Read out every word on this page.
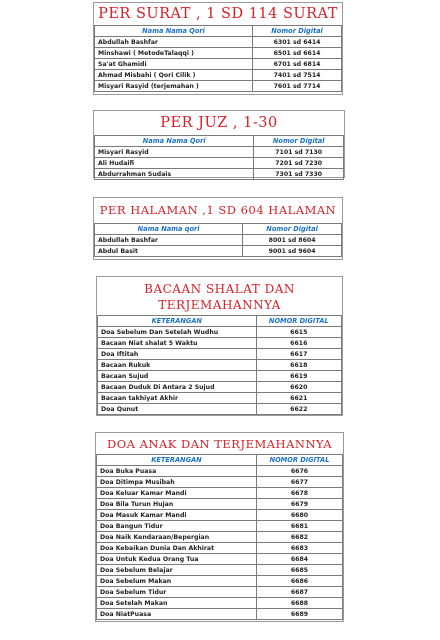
PER SURAT , 1 SD 114 SURAT
Nama Nama Qori	Nomor Digital
Abdullah Bashfar	6301 sd 6414
Minshawi ( MetodeTalaqqi )	6501 sd 6614
Sa'at Ghamidi	6701 sd 6814
Ahmad Misbahi ( Qori Cilik )	7401 sd 7514
Misyari Rasyid (terjemahan )	7601 sd 7714
PER JUZ , 1-30
Nama Nama Qori	Nomor Digital
Misyari Rasyid	7101 sd 7130
Ali Hudaifi	7201 sd 7230
Abdurrahman Sudais	7301 sd 7330
PER HALAMAN ,1 SD 604 HALAMAN
Nama Nama qori	Nomor Digital
Abdullah Bashfar	8001 sd 8604
Abdul Basit	9001 sd 9604
BACAAN SHALAT DAN
TERJEMAHANNYA
KETERANGAN	NOMOR DIGITAL
Doa Sebelum Dan Setelah Wudhu	6615
Bacaan Niat shalat 5 Waktu	6616
Doa Iftitah	6617
Bacaan Rukuk	6618
Bacaan Sujud	6619
Bacaan Duduk Di Antara 2 Sujud	6620
Bacaan takhiyat Akhir	6621
Doa Qunut	6622
DOA ANAK DAN TERJEMAHANNYA
KETERANGAN	NOMOR DIGITAL
Doa Buka Puasa	6676
Doa Ditimpa Musibah	6677
Doa Keluar Kamar Mandi	6678
Doa Bila Turun Hujan	6679
Doa Masuk Kamar Mandi	6680
Doa Bangun Tidur	6681
Doa Naik Kendaraan/Bepergian	6682
Doa Kebaikan Dunia Dan Akhirat	6683
Doa Untuk Kedua Orang Tua	6684
Doa Sebelum Belajar	6685
Doa Sebelum Makan	6686
Doa Sebelum Tidur	6687
Doa Setelah Makan	6688
Doa NiatPuasa	6689
